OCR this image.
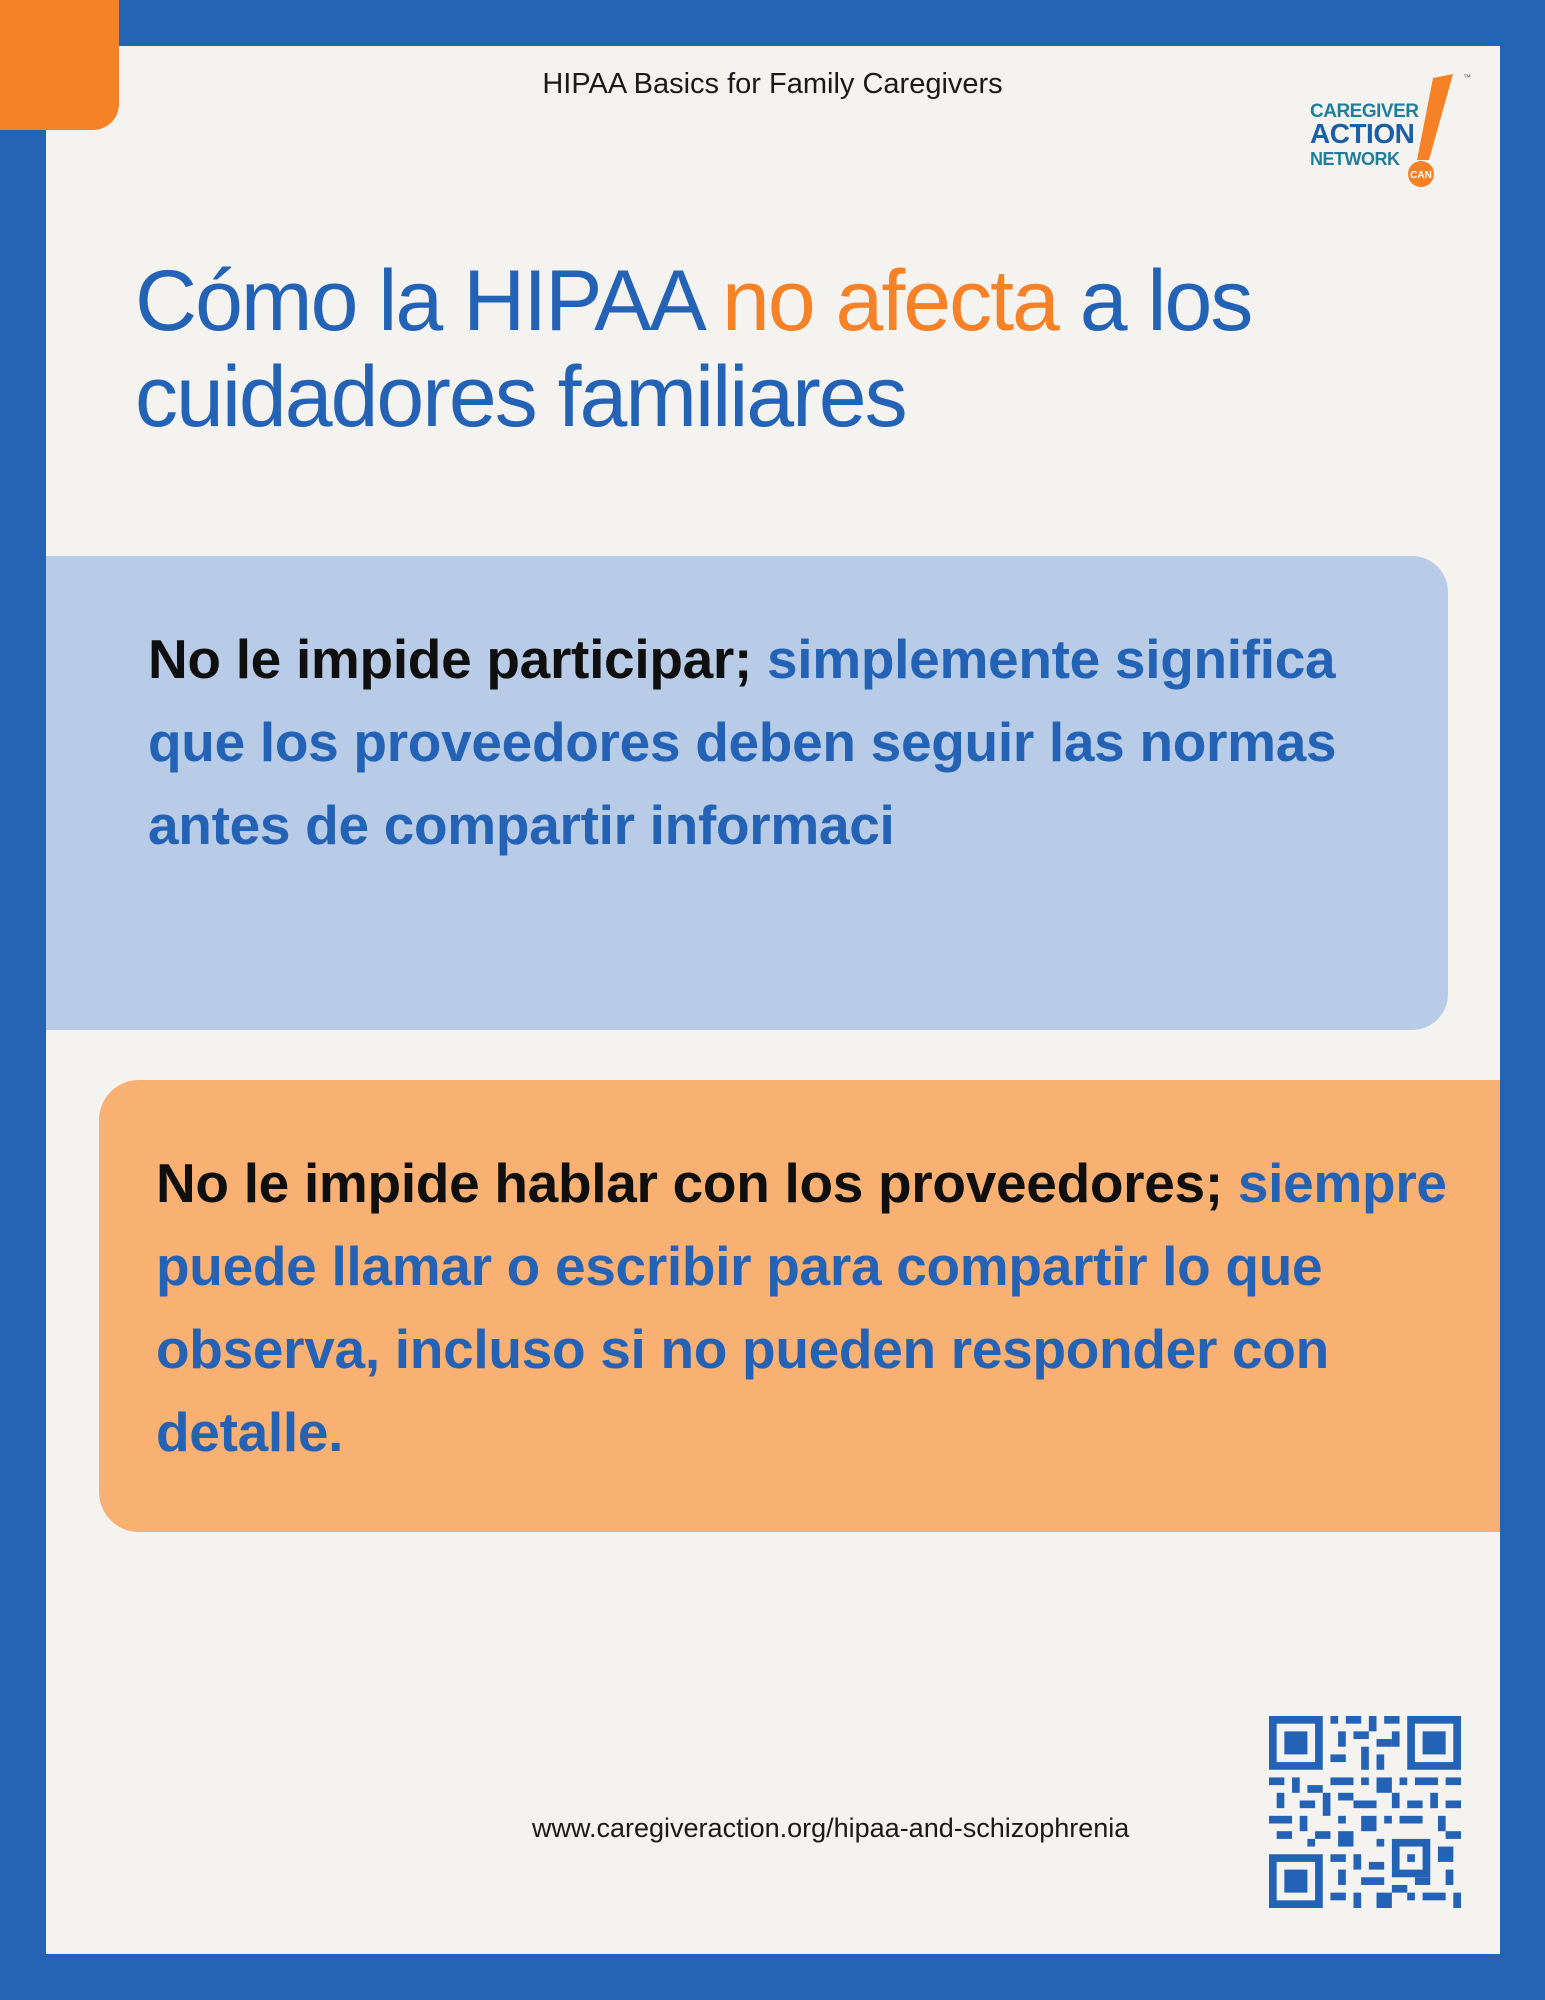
HIPAA Basics for Family Caregivers
CAN
™
CAREGIVER
ACTION
NETWORK
Cómo la HIPAA no afecta a los cuidadores familiares
No le impide participar; simplemente significa que los proveedores deben seguir las normas antes de compartir informaci
No le impide hablar con los proveedores; siempre puede llamar o escribir para compartir lo que observa, incluso si no pueden responder con detalle.
www.caregiveraction.org/hipaa-and-schizophrenia
